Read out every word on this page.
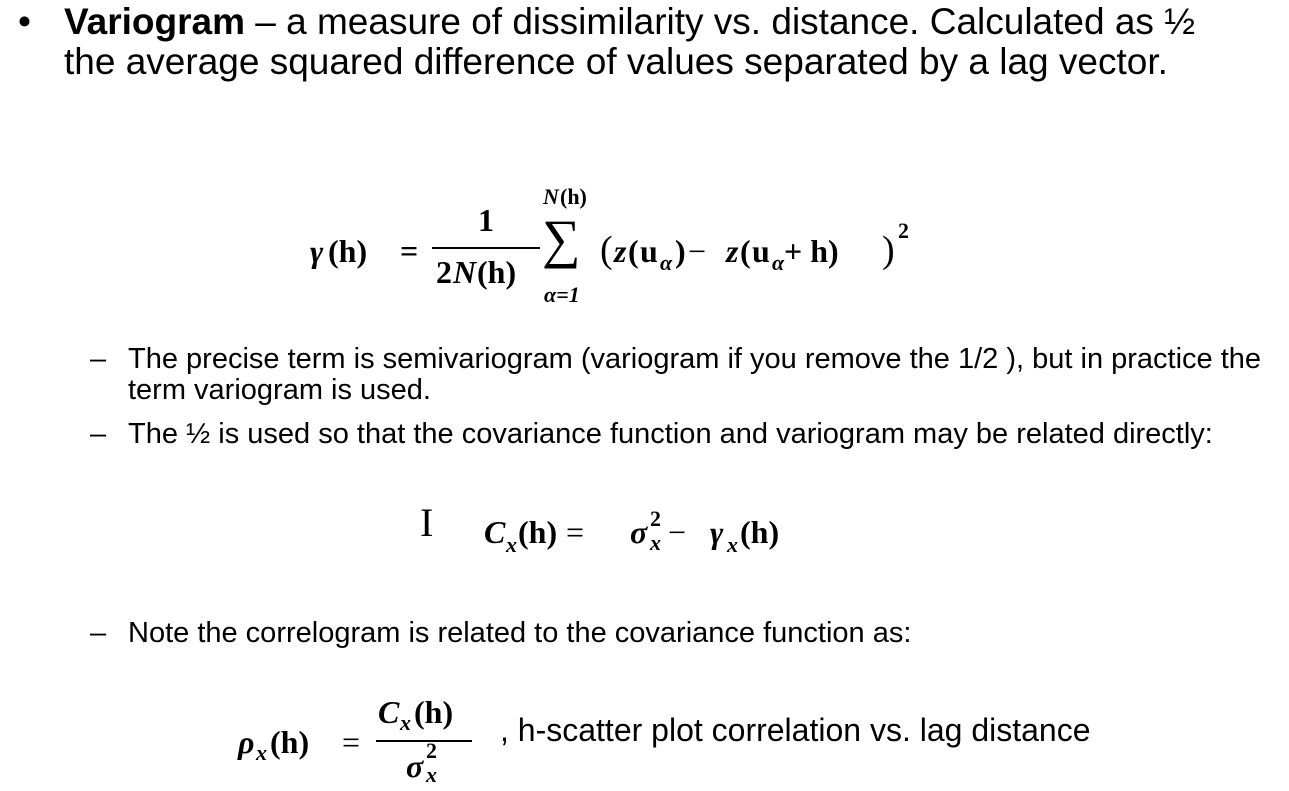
• Variogram – a measure of dissimilarity vs. distance. Calculated as ½ the average squared difference of values separated by a lag vector.
γ (h) =
1
2 N (h)
N (h)
∑
α=1
( z ( u α ) − z ( u α + h) ) 2
– The precise term is semivariogram (variogram if you remove the 1/2 ), but in practice the term variogram is used.
– The ½ is used so that the covariance function and variogram may be related directly:
I C x (h) = σ 2
x − γ x (h)
– Note the correlogram is related to the covariance function as:
ρ x (h) =
C x (h)
σ 2
x
, h-scatter plot correlation vs. lag distance
